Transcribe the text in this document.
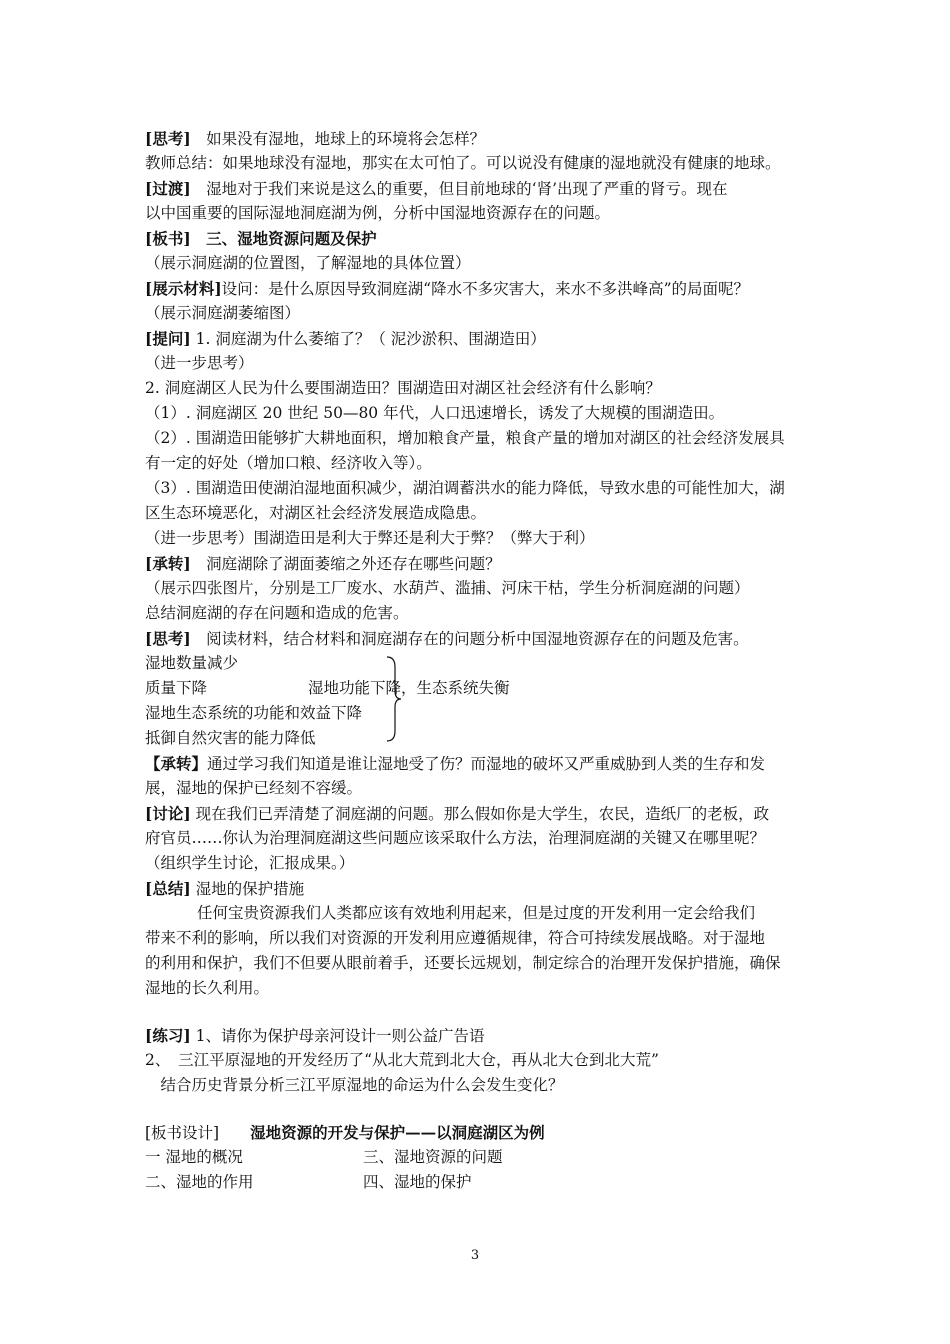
[思考]　如果没有湿地，地球上的环境将会怎样？
教师总结：如果地球没有湿地，那实在太可怕了。可以说没有健康的湿地就没有健康的地球。
[过渡]　湿地对于我们来说是这么的重要，但目前地球的‘肾’出现了严重的肾亏。现在
以中国重要的国际湿地洞庭湖为例，分析中国湿地资源存在的问题。
[板书]　三、湿地资源问题及保护
（展示洞庭湖的位置图，了解湿地的具体位置）
[展示材料]设问：是什么原因导致洞庭湖“降水不多灾害大，来水不多洪峰高”的局面呢？
（展示洞庭湖萎缩图）
[提问] 1. 洞庭湖为什么萎缩了？（ 泥沙淤积、围湖造田）
（进一步思考）
2. 洞庭湖区人民为什么要围湖造田？围湖造田对湖区社会经济有什么影响？
（1）. 洞庭湖区 20 世纪 50—80 年代，人口迅速增长，诱发了大规模的围湖造田。
（2）. 围湖造田能够扩大耕地面积，增加粮食产量，粮食产量的增加对湖区的社会经济发展具
有一定的好处（增加口粮、经济收入等）。
（3）. 围湖造田使湖泊湿地面积减少，湖泊调蓄洪水的能力降低，导致水患的可能性加大，湖
区生态环境恶化，对湖区社会经济发展造成隐患。
（进一步思考）围湖造田是利大于弊还是利大于弊？（弊大于利）
[承转]　洞庭湖除了湖面萎缩之外还存在哪些问题？
（展示四张图片，分别是工厂废水、水葫芦、滥捕、河床干枯，学生分析洞庭湖的问题）
总结洞庭湖的存在问题和造成的危害。
[思考]　阅读材料，结合材料和洞庭湖存在的问题分析中国湿地资源存在的问题及危害。
湿地数量减少
质量下降
湿地生态系统的功能和效益下降
抵御自然灾害的能力降低
湿地功能下降，生态系统失衡
【承转】通过学习我们知道是谁让湿地受了伤？而湿地的破坏又严重威胁到人类的生存和发
展，湿地的保护已经刻不容缓。
[讨论] 现在我们已弄清楚了洞庭湖的问题。那么假如你是大学生，农民，造纸厂的老板，政
府官员……你认为治理洞庭湖这些问题应该采取什么方法，治理洞庭湖的关键又在哪里呢？
（组织学生讨论，汇报成果。）
[总结] 湿地的保护措施
任何宝贵资源我们人类都应该有效地利用起来，但是过度的开发利用一定会给我们
带来不利的影响，所以我们对资源的开发利用应遵循规律，符合可持续发展战略。对于湿地
的利用和保护，我们不但要从眼前着手，还要长远规划，制定综合的治理开发保护措施，确保
湿地的长久利用。
[练习] 1、请你为保护母亲河设计一则公益广告语
2、　三江平原湿地的开发经历了“从北大荒到北大仓，再从北大仓到北大荒”
　结合历史背景分析三江平原湿地的命运为什么会发生变化？
[板书设计]　　湿地资源的开发与保护——以洞庭湖区为例
一 湿地的概况	三、湿地资源的问题
二、湿地的作用	四、湿地的保护
3
